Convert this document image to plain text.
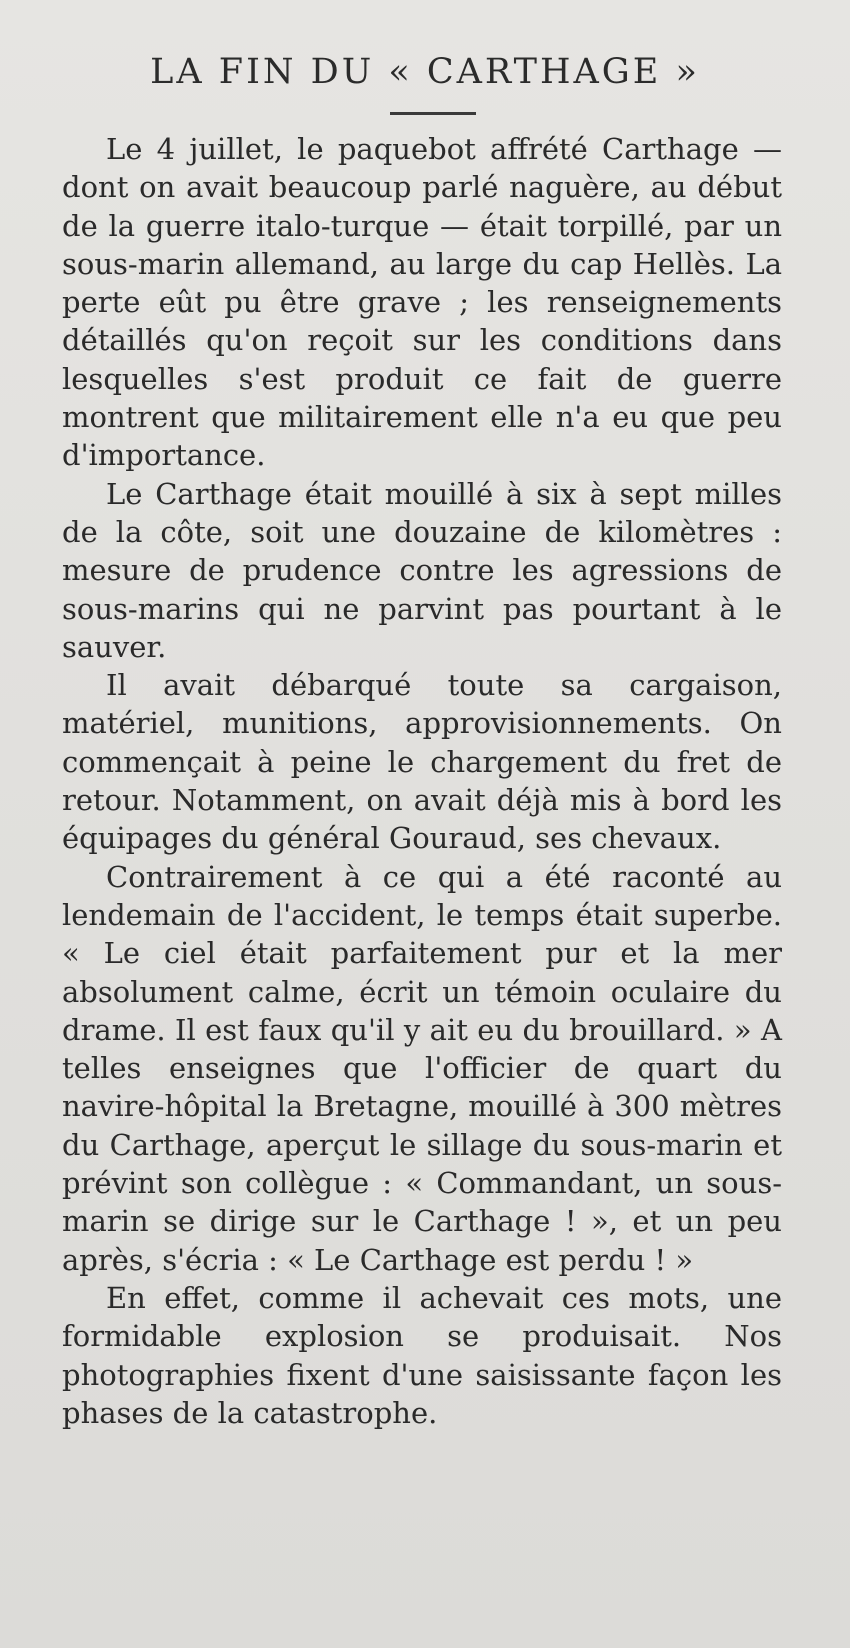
LA FIN DU « CARTHAGE »

Le 4 juillet, le paquebot affrété Carthage — dont on avait beaucoup parlé naguère, au début de la guerre italo-turque — était torpillé, par un sous-marin allemand, au large du cap Hellès. La perte eût pu être grave ; les renseignements détaillés qu'on reçoit sur les conditions dans lesquelles s'est produit ce fait de guerre montrent que militairement elle n'a eu que peu d'importance.

Le Carthage était mouillé à six à sept milles de la côte, soit une douzaine de kilomètres : mesure de prudence contre les agressions de sous-marins qui ne parvint pas pourtant à le sauver.

Il avait débarqué toute sa cargaison, matériel, munitions, approvisionnements. On commençait à peine le chargement du fret de retour. Notamment, on avait déjà mis à bord les équipages du général Gouraud, ses chevaux.

Contrairement à ce qui a été raconté au lendemain de l'accident, le temps était superbe. « Le ciel était parfaitement pur et la mer absolument calme, écrit un témoin oculaire du drame. Il est faux qu'il y ait eu du brouillard. » A telles enseignes que l'officier de quart du navire-hôpital la Bretagne, mouillé à 300 mètres du Carthage, aperçut le sillage du sous-marin et prévint son collègue : « Commandant, un sous-marin se dirige sur le Carthage ! », et un peu après, s'écria : « Le Carthage est perdu ! »

En effet, comme il achevait ces mots, une formidable explosion se produisait. Nos photographies fixent d'une saisissante façon les phases de la catastrophe.
